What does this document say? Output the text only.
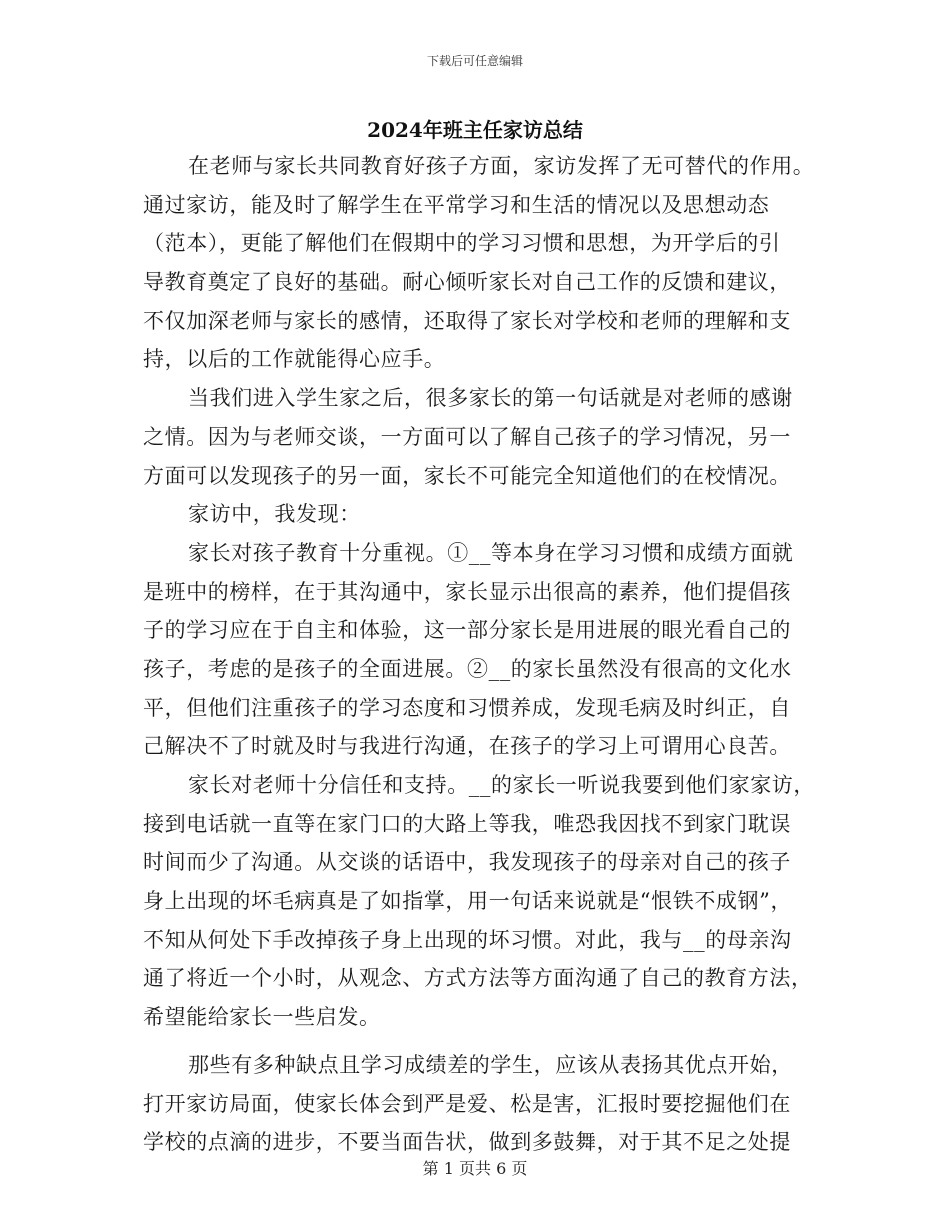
下载后可任意编辑
2024年班主任家访总结
在老师与家长共同教育好孩子方面，家访发挥了无可替代的作用。
通过家访，能及时了解学生在平常学习和生活的情况以及思想动态
（范本），更能了解他们在假期中的学习习惯和思想，为开学后的引
导教育奠定了良好的基础。耐心倾听家长对自己工作的反馈和建议，
不仅加深老师与家长的感情，还取得了家长对学校和老师的理解和支
持，以后的工作就能得心应手。
当我们进入学生家之后，很多家长的第一句话就是对老师的感谢
之情。因为与老师交谈，一方面可以了解自己孩子的学习情况，另一
方面可以发现孩子的另一面，家长不可能完全知道他们的在校情况。
家访中，我发现：
家长对孩子教育十分重视。①__等本身在学习习惯和成绩方面就
是班中的榜样，在于其沟通中，家长显示出很高的素养，他们提倡孩
子的学习应在于自主和体验，这一部分家长是用进展的眼光看自己的
孩子，考虑的是孩子的全面进展。②__的家长虽然没有很高的文化水
平，但他们注重孩子的学习态度和习惯养成，发现毛病及时纠正，自
己解决不了时就及时与我进行沟通，在孩子的学习上可谓用心良苦。
家长对老师十分信任和支持。__的家长一听说我要到他们家家访，
接到电话就一直等在家门口的大路上等我，唯恐我因找不到家门耽误
时间而少了沟通。从交谈的话语中，我发现孩子的母亲对自己的孩子
身上出现的坏毛病真是了如指掌，用一句话来说就是“恨铁不成钢”，
不知从何处下手改掉孩子身上出现的坏习惯。对此，我与__的母亲沟
通了将近一个小时，从观念、方式方法等方面沟通了自己的教育方法，
希望能给家长一些启发。
那些有多种缺点且学习成绩差的学生，应该从表扬其优点开始，
打开家访局面，使家长体会到严是爱、松是害，汇报时要挖掘他们在
学校的点滴的进步，不要当面告状，做到多鼓舞，对于其不足之处提
第 1 页共 6 页
